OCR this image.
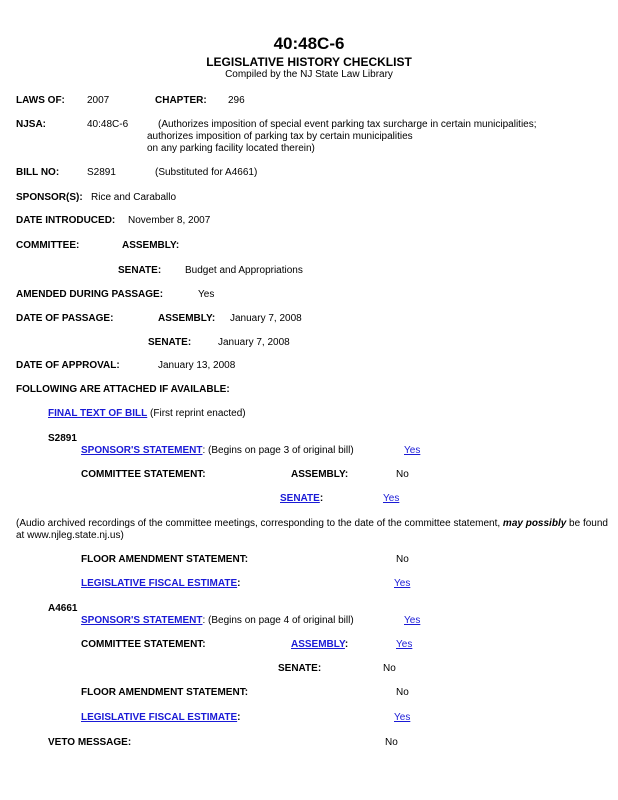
40:48C-6
LEGISLATIVE HISTORY CHECKLIST
Compiled by the NJ State Law Library
LAWS OF: 2007	CHAPTER: 296
NJSA:	40:48C-6	(Authorizes imposition of special event parking tax surcharge in certain municipalities;
authorizes imposition of parking tax by certain municipalities
on any parking facility located therein)
BILL NO:	S2891	(Substituted for A4661)
SPONSOR(S): Rice and Caraballo
DATE INTRODUCED: November 8, 2007
COMMITTEE:	ASSEMBLY:
SENATE: Budget and Appropriations
AMENDED DURING PASSAGE:	Yes
DATE OF PASSAGE:	ASSEMBLY: January 7, 2008
SENATE:	January 7, 2008
DATE OF APPROVAL:	January 13, 2008
FOLLOWING ARE ATTACHED IF AVAILABLE:
FINAL TEXT OF BILL (First reprint enacted)
S2891
SPONSOR'S STATEMENT: (Begins on page 3 of original bill)	Yes
COMMITTEE STATEMENT:	ASSEMBLY:	No
SENATE:	Yes
(Audio archived recordings of the committee meetings, corresponding to the date of the committee statement, may possibly be found
at www.njleg.state.nj.us)
FLOOR AMENDMENT STATEMENT:	No
LEGISLATIVE FISCAL ESTIMATE:	Yes
A4661
SPONSOR'S STATEMENT: (Begins on page 4 of original bill)	Yes
COMMITTEE STATEMENT:	ASSEMBLY:	Yes
SENATE:	No
FLOOR AMENDMENT STATEMENT:	No
LEGISLATIVE FISCAL ESTIMATE:	Yes
VETO MESSAGE:	No
